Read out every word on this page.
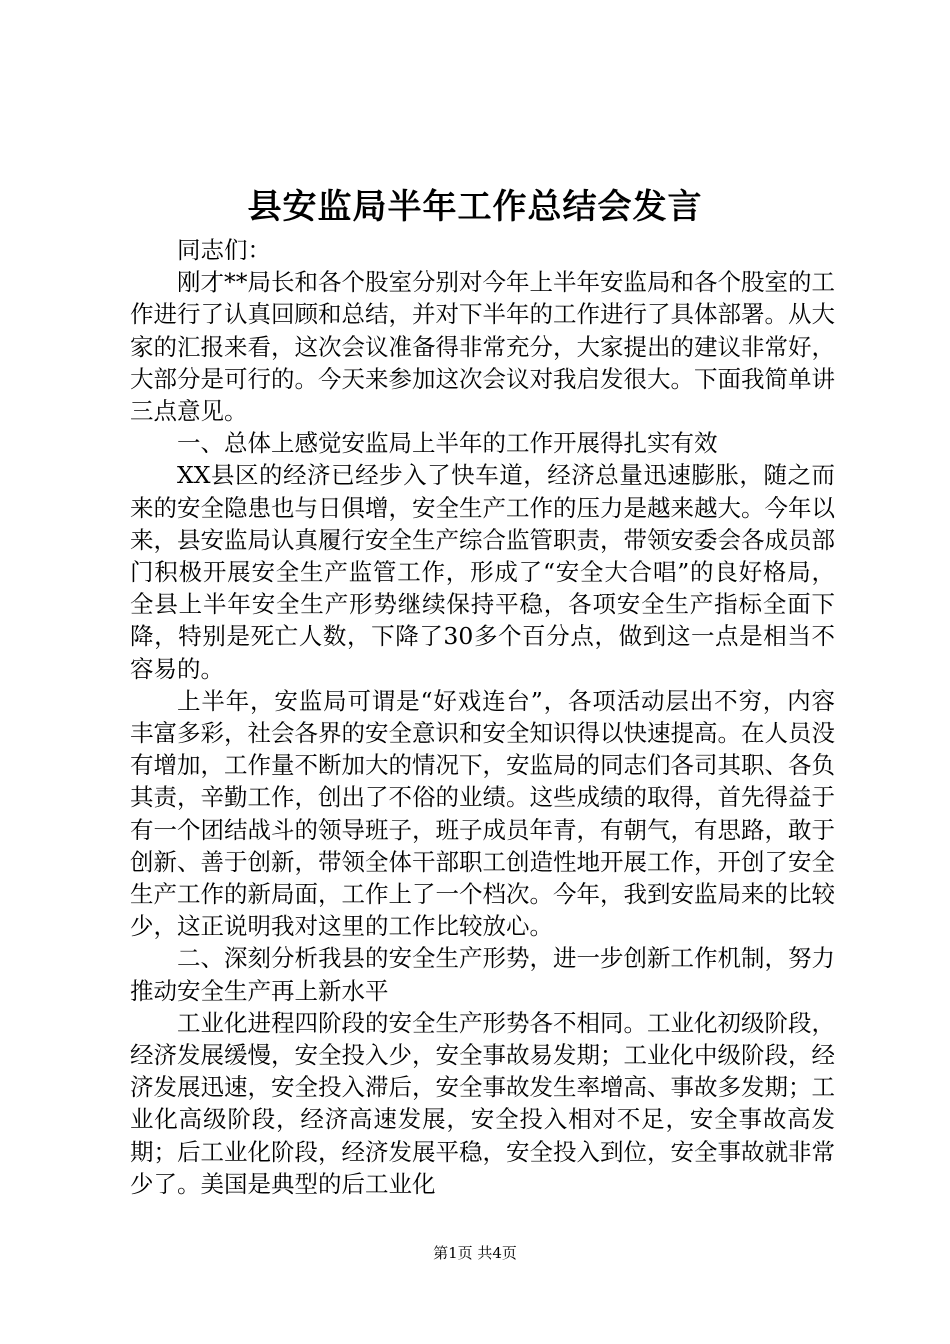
县安监局半年工作总结会发言

同志们：

刚才**局长和各个股室分别对今年上半年安监局和各个股室的工作进行了认真回顾和总结，并对下半年的工作进行了具体部署。从大家的汇报来看，这次会议准备得非常充分，大家提出的建议非常好，大部分是可行的。今天来参加这次会议对我启发很大。下面我简单讲三点意见。

一、总体上感觉安监局上半年的工作开展得扎实有效

XX县区的经济已经步入了快车道，经济总量迅速膨胀，随之而来的安全隐患也与日俱增，安全生产工作的压力是越来越大。今年以来，县安监局认真履行安全生产综合监管职责，带领安委会各成员部门积极开展安全生产监管工作，形成了“安全大合唱”的良好格局，全县上半年安全生产形势继续保持平稳，各项安全生产指标全面下降，特别是死亡人数，下降了30多个百分点，做到这一点是相当不容易的。

上半年，安监局可谓是“好戏连台”，各项活动层出不穷，内容丰富多彩，社会各界的安全意识和安全知识得以快速提高。在人员没有增加，工作量不断加大的情况下，安监局的同志们各司其职、各负其责，辛勤工作，创出了不俗的业绩。这些成绩的取得，首先得益于有一个团结战斗的领导班子，班子成员年青，有朝气，有思路，敢于创新、善于创新，带领全体干部职工创造性地开展工作，开创了安全生产工作的新局面，工作上了一个档次。今年，我到安监局来的比较少，这正说明我对这里的工作比较放心。

二、深刻分析我县的安全生产形势，进一步创新工作机制，努力推动安全生产再上新水平

工业化进程四阶段的安全生产形势各不相同。工业化初级阶段，经济发展缓慢，安全投入少，安全事故易发期；工业化中级阶段，经济发展迅速，安全投入滞后，安全事故发生率增高、事故多发期；工业化高级阶段，经济高速发展，安全投入相对不足，安全事故高发期；后工业化阶段，经济发展平稳，安全投入到位，安全事故就非常少了。美国是典型的后工业化

第1页 共4页
